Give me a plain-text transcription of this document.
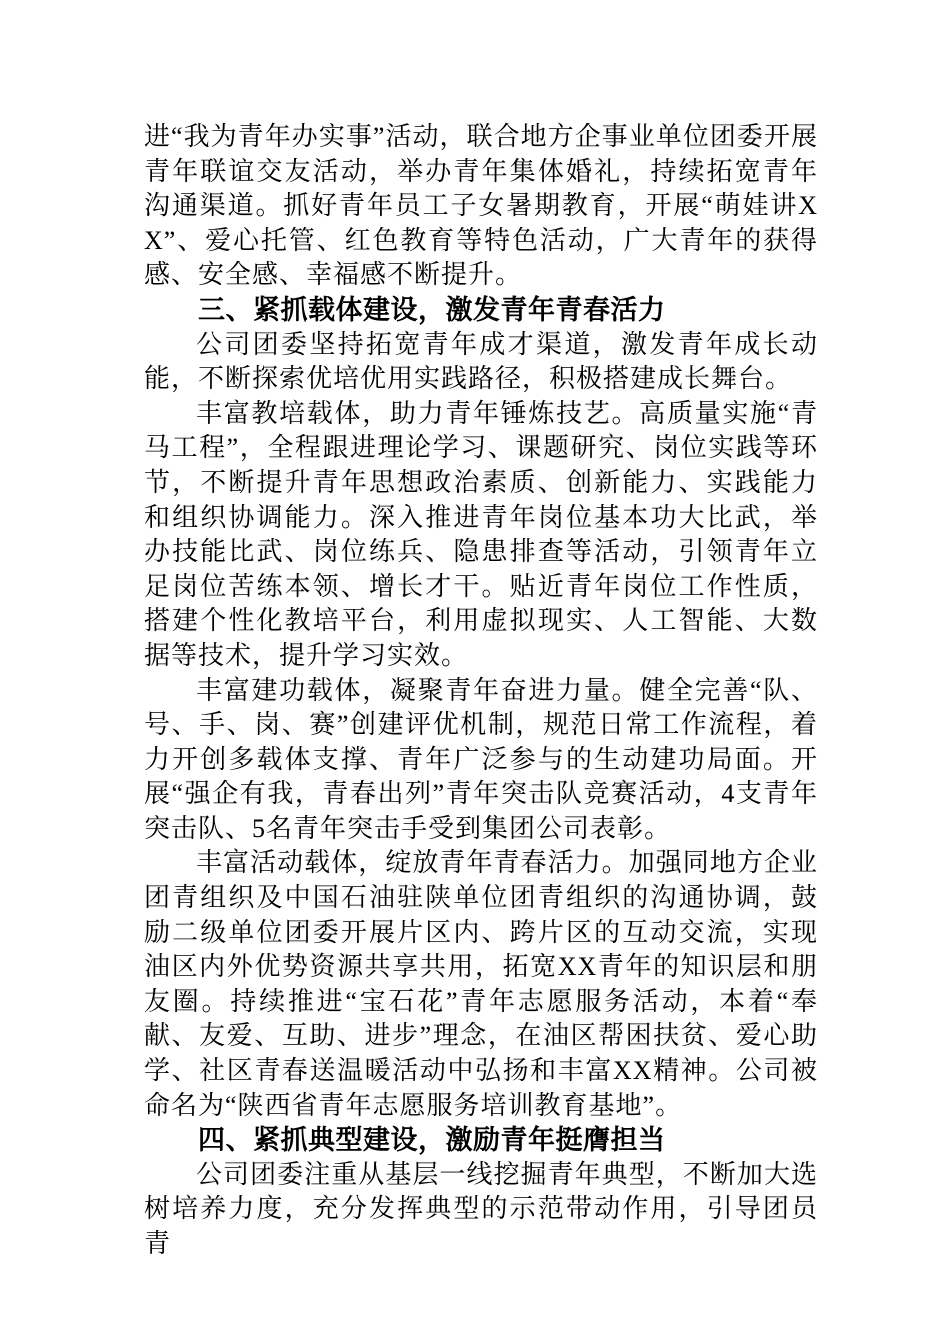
进“我为青年办实事”活动，联合地方企事业单位团委开展青年联谊交友活动，举办青年集体婚礼，持续拓宽青年沟通渠道。抓好青年员工子女暑期教育，开展“萌娃讲XX”、爱心托管、红色教育等特色活动，广大青年的获得感、安全感、幸福感不断提升。

三、紧抓载体建设，激发青年青春活力

公司团委坚持拓宽青年成才渠道，激发青年成长动能，不断探索优培优用实践路径，积极搭建成长舞台。

丰富教培载体，助力青年锤炼技艺。高质量实施“青马工程”，全程跟进理论学习、课题研究、岗位实践等环节，不断提升青年思想政治素质、创新能力、实践能力和组织协调能力。深入推进青年岗位基本功大比武，举办技能比武、岗位练兵、隐患排查等活动，引领青年立足岗位苦练本领、增长才干。贴近青年岗位工作性质，搭建个性化教培平台，利用虚拟现实、人工智能、大数据等技术，提升学习实效。

丰富建功载体，凝聚青年奋进力量。健全完善“队、号、手、岗、赛”创建评优机制，规范日常工作流程，着力开创多载体支撑、青年广泛参与的生动建功局面。开展“强企有我，青春出列”青年突击队竞赛活动，4支青年突击队、5名青年突击手受到集团公司表彰。

丰富活动载体，绽放青年青春活力。加强同地方企业团青组织及中国石油驻陕单位团青组织的沟通协调，鼓励二级单位团委开展片区内、跨片区的互动交流，实现油区内外优势资源共享共用，拓宽XX青年的知识层和朋友圈。持续推进“宝石花”青年志愿服务活动，本着“奉献、友爱、互助、进步”理念，在油区帮困扶贫、爱心助学、社区青春送温暖活动中弘扬和丰富XX精神。公司被命名为“陕西省青年志愿服务培训教育基地”。

四、紧抓典型建设，激励青年挺膺担当

公司团委注重从基层一线挖掘青年典型，不断加大选树培养力度，充分发挥典型的示范带动作用，引导团员青
